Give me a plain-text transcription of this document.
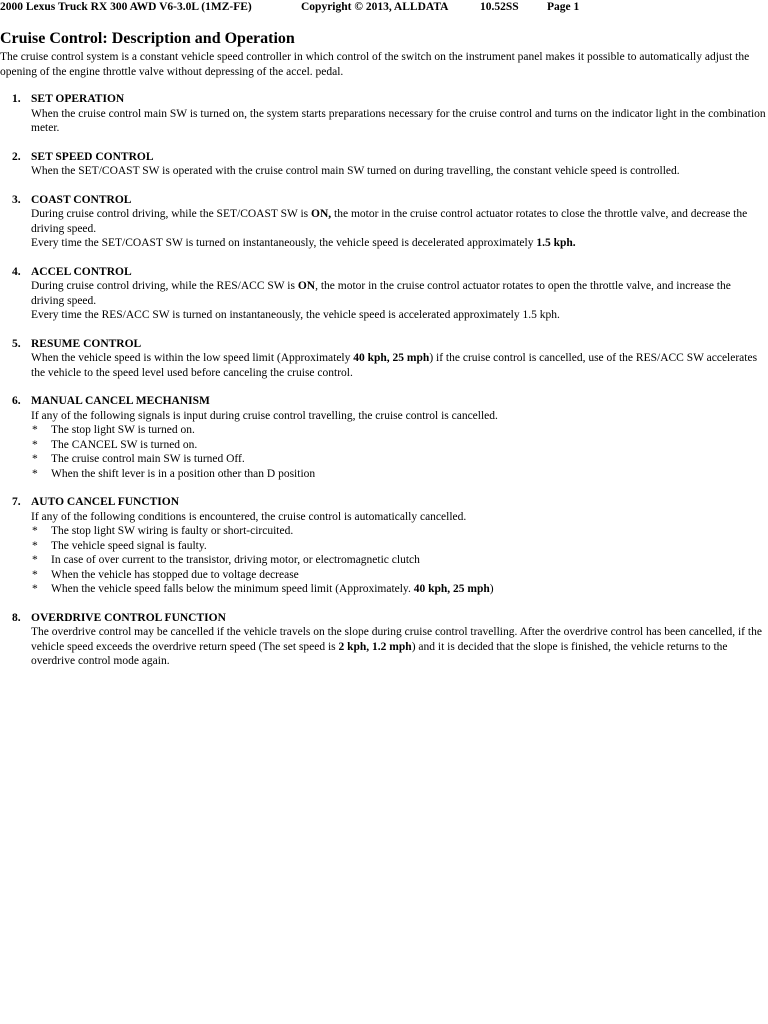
2000 Lexus Truck RX 300 AWD V6-3.0L (1MZ-FE)	Copyright © 2013, ALLDATA	10.52SS Page 1
Cruise Control: Description and Operation

The cruise control system is a constant vehicle speed controller in which control of the switch on the instrument panel makes it possible to automatically adjust the opening of the engine throttle valve without depressing of the accel. pedal.

1. SET OPERATION

When the cruise control main SW is turned on, the system starts preparations necessary for the cruise control and turns on the indicator light in the combination meter.

2. SET SPEED CONTROL

When the SET/COAST SW is operated with the cruise control main SW turned on during travelling, the constant vehicle speed is controlled.

3. COAST CONTROL

During cruise control driving, while the SET/COAST SW is ON, the motor in the cruise control actuator rotates to close the throttle valve, and decrease the driving speed.

Every time the SET/COAST SW is turned on instantaneously, the vehicle speed is decelerated approximately 1.5 kph.

4. ACCEL CONTROL

During cruise control driving, while the RES/ACC SW is ON, the motor in the cruise control actuator rotates to open the throttle valve, and increase the driving speed.

Every time the RES/ACC SW is turned on instantaneously, the vehicle speed is accelerated approximately 1.5 kph.

5. RESUME CONTROL

When the vehicle speed is within the low speed limit (Approximately 40 kph, 25 mph) if the cruise control is cancelled, use of the RES/ACC SW accelerates the vehicle to the speed level used before canceling the cruise control.

6. MANUAL CANCEL MECHANISM

If any of the following signals is input during cruise control travelling, the cruise control is cancelled.

* The stop light SW is turned on.
* The CANCEL SW is turned on.
* The cruise control main SW is turned Off.
* When the shift lever is in a position other than D position
7. AUTO CANCEL FUNCTION

If any of the following conditions is encountered, the cruise control is automatically cancelled.

* The stop light SW wiring is faulty or short-circuited.
* The vehicle speed signal is faulty.
* In case of over current to the transistor, driving motor, or electromagnetic clutch
* When the vehicle has stopped due to voltage decrease
* When the vehicle speed falls below the minimum speed limit (Approximately. 40 kph, 25 mph)
8. OVERDRIVE CONTROL FUNCTION

The overdrive control may be cancelled if the vehicle travels on the slope during cruise control travelling. After the overdrive control has been cancelled, if the vehicle speed exceeds the overdrive return speed (The set speed is 2 kph, 1.2 mph) and it is decided that the slope is finished, the vehicle returns to the overdrive control mode again.
